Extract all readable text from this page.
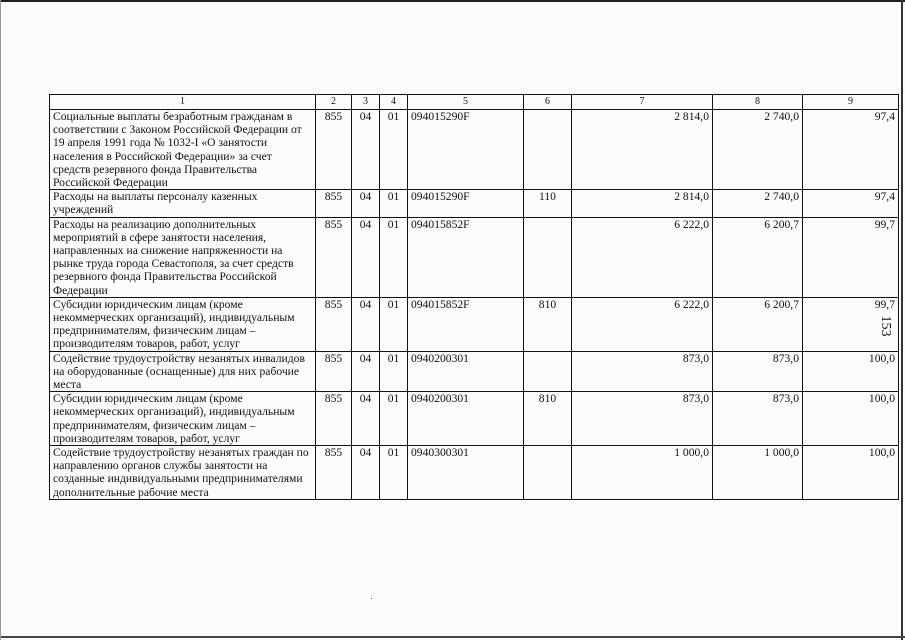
1	2	3	4	5	6	7	8	9
Социальные выплаты безработным гражданам в соответствии с Законом Российской Федерации от 19 апреля 1991 года № 1032-I «О занятости населения в Российской Федерации» за счет средств резервного фонда Правительства Российской Федерации	855	04	01	094015290F		2 814,0	2 740,0	97,4
Расходы на выплаты персоналу казенных учреждений	855	04	01	094015290F	110	2 814,0	2 740,0	97,4
Расходы на реализацию дополнительных мероприятий в сфере занятости населения, направленных на снижение напряженности на рынке труда города Севастополя, за счет средств резервного фонда Правительства Российской Федерации	855	04	01	094015852F		6 222,0	6 200,7	99,7
Субсидии юридическим лицам (кроме некоммерческих организаций), индивидуальным предпринимателям, физическим лицам – производителям товаров, работ, услуг	855	04	01	094015852F	810	6 222,0	6 200,7	99,7
Содействие трудоустройству незанятых инвалидов на оборудованные (оснащенные) для них рабочие места	855	04	01	0940200301		873,0	873,0	100,0
Субсидии юридическим лицам (кроме некоммерческих организаций), индивидуальным предпринимателям, физическим лицам – производителям товаров, работ, услуг	855	04	01	0940200301	810	873,0	873,0	100,0
Содействие трудоустройству незанятых граждан по направлению органов службы занятости на созданные индивидуальными предпринимателями дополнительные рабочие места	855	04	01	0940300301		1 000,0	1 000,0	100,0
153
